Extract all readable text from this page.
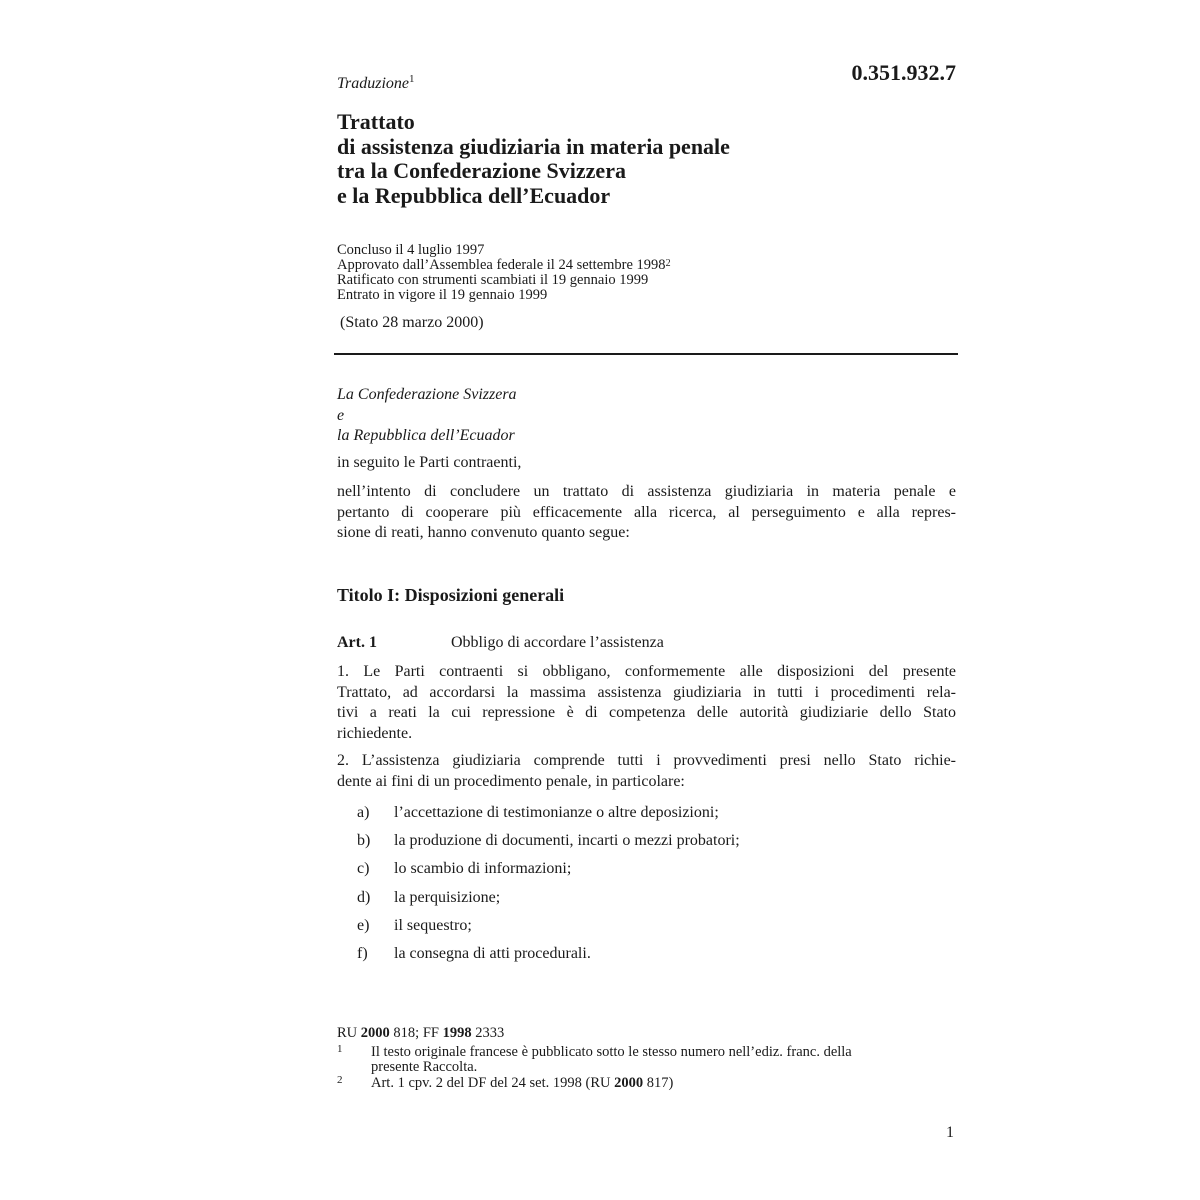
0.351.932.7
Traduzione$^1$
Trattato
di assistenza giudiziaria in materia penale
tra la Confederazione Svizzera
e la Repubblica dell’Ecuador
Concluso il 4 luglio 1997
Approvato dall’Assemblea federale il 24 settembre 1998$^2$
Ratificato con strumenti scambiati il 19 gennaio 1999
Entrato in vigore il 19 gennaio 1999
(Stato 28 marzo 2000)
La Confederazione Svizzera
e
la Repubblica dell’Ecuador
in seguito le Parti contraenti,
nell’intento di concludere un trattato di assistenza giudiziaria in materia penale e
pertanto di cooperare più efficacemente alla ricerca, al perseguimento e alla repres-
sione di reati, hanno convenuto quanto segue:
Titolo I: Disposizioni generali
Art. 1	Obbligo di accordare l’assistenza
1. Le Parti contraenti si obbligano, conformemente alle disposizioni del presente
Trattato, ad accordarsi la massima assistenza giudiziaria in tutti i procedimenti rela-
tivi a reati la cui repressione è di competenza delle autorità giudiziarie dello Stato
richiedente.
2. L’assistenza giudiziaria comprende tutti i provvedimenti presi nello Stato richie-
dente ai fini di un procedimento penale, in particolare:
a) l’accettazione di testimonianze o altre deposizioni;
b) la produzione di documenti, incarti o mezzi probatori;
c) lo scambio di informazioni;
d) la perquisizione;
e) il sequestro;
f) la consegna di atti procedurali.
RU 2000 818; FF 1998 2333
1 Il testo originale francese è pubblicato sotto le stesso numero nell’ediz. franc. della
presente Raccolta.
2 Art. 1 cpv. 2 del DF del 24 set. 1998 (RU 2000 817)
1
